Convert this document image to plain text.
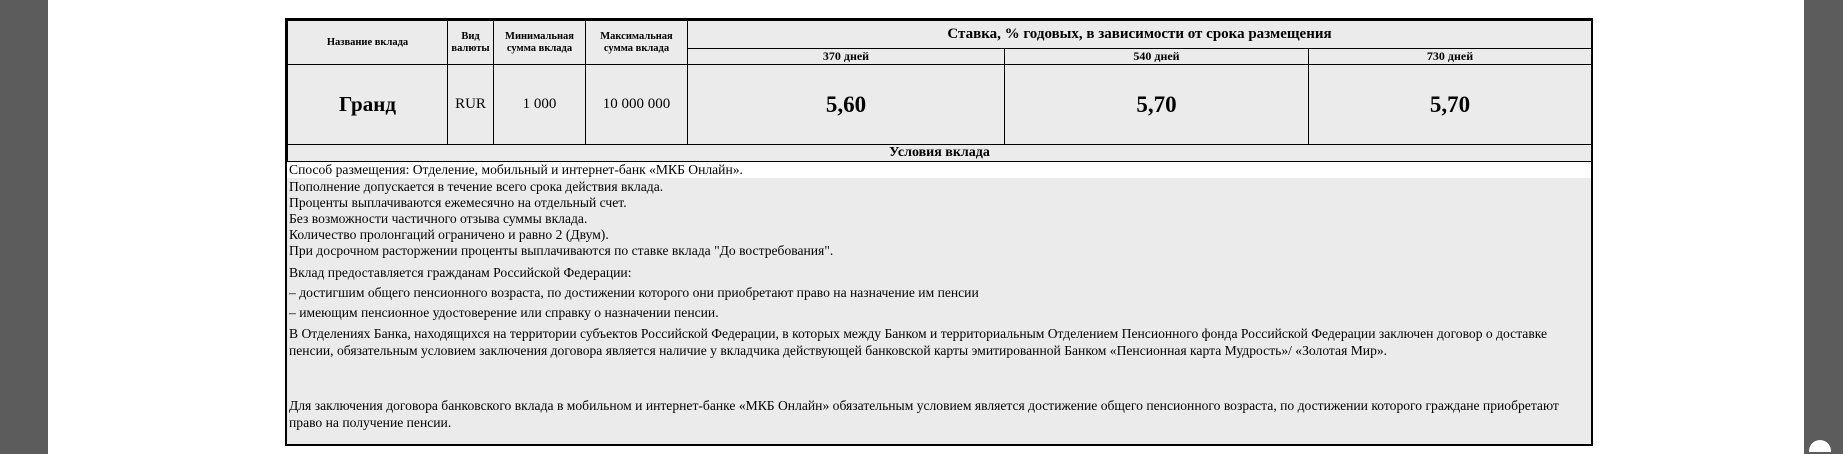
Название вклада	Вид валюты	Минимальная сумма вклада	Максимальная сумма вклада	Ставка, % годовых, в зависимости от срока размещения		
				370 дней	540 дней	730 дней
Гранд	RUR	1 000	10 000 000	5,60	5,70	5,70
Условия вклада						
Способ размещения: Отделение, мобильный и интернет-банк «МКБ Онлайн».
Пополнение допускается в течение всего срока действия вклада.
Проценты выплачиваются ежемесячно на отдельный счет.
Без возможности частичного отзыва суммы вклада.
Количество пролонгаций ограничено и равно 2 (Двум).
При досрочном расторжении проценты выплачиваются по ставке вклада "До востребования".
Вклад предоставляется гражданам Российской Федерации:
– достигшим общего пенсионного возраста, по достижении которого они приобретают право на назначение им пенсии
– имеющим пенсионное удостоверение или справку о назначении пенсии.
В Отделениях Банка, находящихся на территории субъектов Российской Федерации, в которых между Банком и территориальным Отделением Пенсионного фонда Российской Федерации заключен договор о доставке пенсии, обязательным условием заключения договора является наличие у вкладчика действующей банковской карты эмитированной Банком «Пенсионная карта Мудрость»/ «Золотая Мир».
Для заключения договора банковского вклада в мобильном и интернет-банке «МКБ Онлайн» обязательным условием является достижение общего пенсионного возраста, по достижении которого граждане приобретают право на получение пенсии.
